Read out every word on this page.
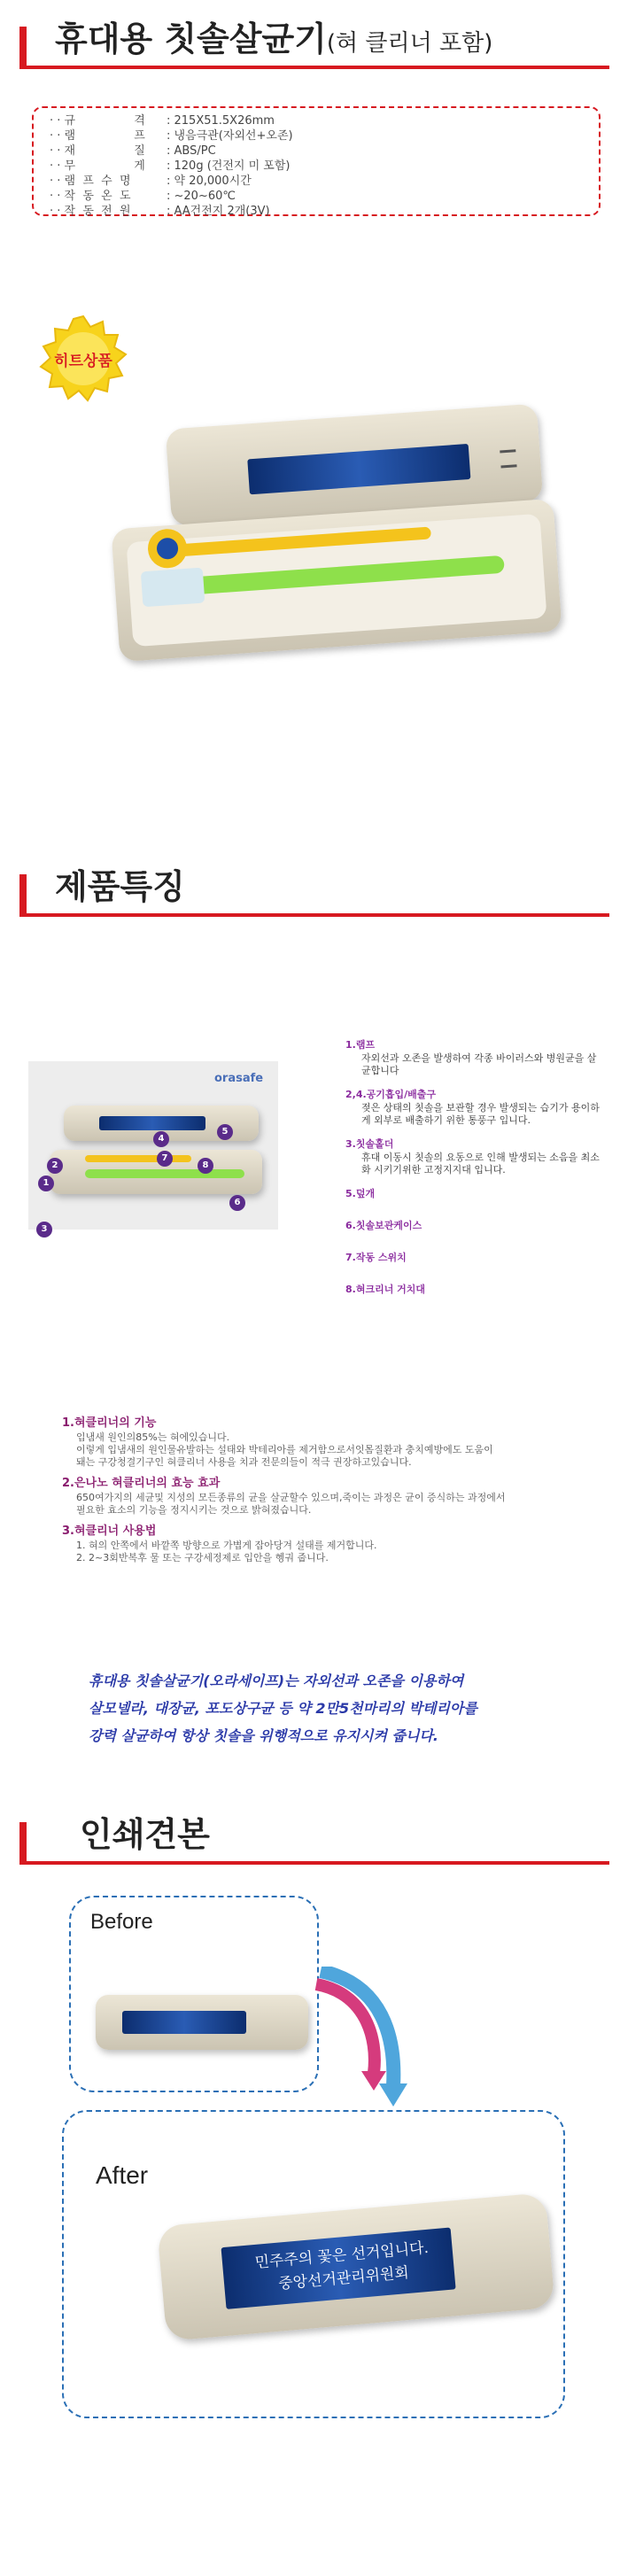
휴대용 칫솔살균기(혀 클리너 포함)
· · 규                격	: 215X51.5X26mm
· · 램                프	: 냉음극관(자외선+오존)
· · 재                질	: ABS/PC
· · 무                게	: 120g (건전지 미 포함)
· · 램  프  수  명	: 약 20,000시간
· · 작  동  온  도	: ~20~60℃
· · 작  동  전  원	: AA건전지 2개(3V)
히트상품
제품특징
orasafe
1
2
3
4
5
6
7
8
1.램프
자외선과 오존을 발생하여 각종 바이러스와 병원균을 살균합니다
2,4.공기흡입/배출구
젖은 상태의 칫솔을 보관할 경우 발생되는 습기가 용이하게 외부로 배출하기 위한 통풍구 입니다.
3.칫솔홀더
휴대 이동시 칫솔의 요동으로 인해 발생되는 소음을 최소화 시키기위한 고정지지대 입니다.
5.덮개
6.칫솔보관케이스
7.작동 스위치
8.혀크리너 거치대
1.혀클리너의 기능
입냄새 원인의85%는 혀에있습니다.
이렇게 입냄새의 원인물유발하는 설태와 박테리아를 제거함으로서잇몸질환과 충치예방에도 도움이
돼는 구강청결기구인 혀클리너 사용을 치과 전문의들이 적극 권장하고있습니다.
2.은나노 혀클리너의 효능 효과
650여가지의 세균및 지성의 모든종류의 균을 살균할수 있으며,죽이는 과정은 균이 증식하는 과정에서
필요한 효소의 기능을 정지시키는 것으로 밝혀졌습니다.
3.혀클리너 사용법
1. 혀의 안쪽에서 바깥쪽 방향으로 가볍게 잡아당겨 설태를 제거합니다.
2. 2~3회반복후 물 또는 구강세정제로 입안을 헹궈 줍니다.
휴대용 칫솔살균기(오라세이프)는 자외선과 오존을 이용하여
살모넬라, 대장균, 포도상구균 등 약 2만5천마리의 박테리아를
강력 살균하여 항상 칫솔을 위행적으로 유지시켜 줍니다.
인쇄견본
Before
After
민주주의 꽃은 선거입니다.
중앙선거관리위원회
